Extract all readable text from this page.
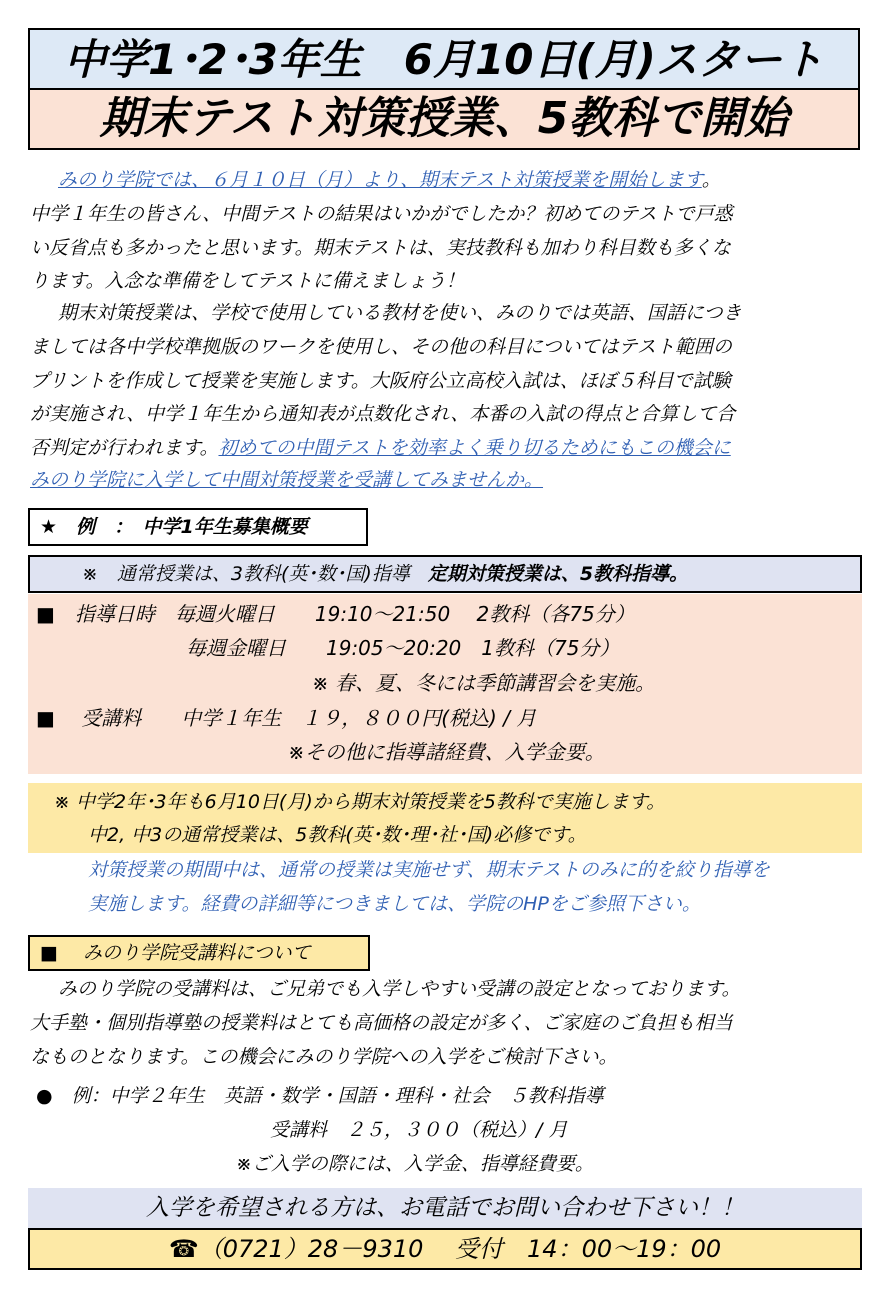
中学1･2･3年生　6月10日(月)スタート
期末テスト対策授業、5教科で開始
みのり学院では、６月１０日（月）より、期末テスト対策授業を開始します。
中学１年生の皆さん、中間テストの結果はいかがでしたか？初めてのテストで戸惑
い反省点も多かったと思います。期末テストは、実技教科も加わり科目数も多くな
ります。入念な準備をしてテストに備えましょう！
期末対策授業は、学校で使用している教材を使い、みのりでは英語、国語につき
ましては各中学校準拠版のワークを使用し、その他の科目についてはテスト範囲の
プリントを作成して授業を実施します。大阪府公立高校入試は、ほぼ５科目で試験
が実施され、中学１年生から通知表が点数化され、本番の入試の得点と合算して合
否判定が行われます。初めての中間テストを効率よく乗り切るためにもこの機会に
みのり学院に入学して中間対策授業を受講してみませんか。
★　例　：　中学1年生募集概要
※　通常授業は、3教科(英･数･国)指導 定期対策授業は、5教科指導。
■　指導日時　毎週火曜日　　19:10～21:50　 2教科（各75分）
毎週金曜日　　19:05～20:20　1教科（75分）
※ 春、夏、冬には季節講習会を実施。
■　 受講料　　中学１年生　１９，８００円(税込) / 月
※その他に指導諸経費、入学金要。
※ 中学2年･3年も6月10日(月)から期末対策授業を5教科で実施します。
中2, 中3の通常授業は、5教科(英･数･理･社･国)必修です。
対策授業の期間中は、通常の授業は実施せず、期末テストのみに的を絞り指導を
実施します。経費の詳細等につきましては、学院のHPをご参照下さい。
■　 みのり学院受講料について
みのり学院の受講料は、ご兄弟でも入学しやすい受講の設定となっております。
大手塾・個別指導塾の授業料はとても高価格の設定が多く、ご家庭のご負担も相当
なものとなります。この機会にみのり学院への入学をご検討下さい。
●　例：中学２年生　英語・数学・国語・理科・社会　５教科指導
受講料　２５，３００（税込）/ 月
※ご入学の際には、入学金、指導経費要。
入学を希望される方は、お電話でお問い合わせ下さい！！
☎（0721）28－9310　 受付　14：00～19：00
